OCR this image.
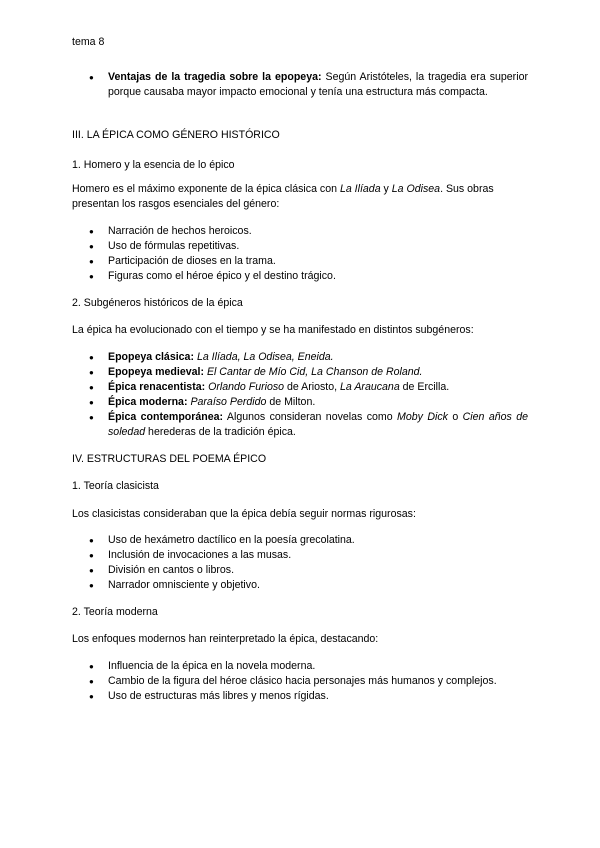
tema 8
● Ventajas de la tragedia sobre la epopeya: Según Aristóteles, la tragedia era superior porque causaba mayor impacto emocional y tenía una estructura más compacta.
III. LA ÉPICA COMO GÉNERO HISTÓRICO
1. Homero y la esencia de lo épico
Homero es el máximo exponente de la épica clásica con La Ilíada y La Odisea. Sus obras presentan los rasgos esenciales del género:
● Narración de hechos heroicos.
● Uso de fórmulas repetitivas.
● Participación de dioses en la trama.
● Figuras como el héroe épico y el destino trágico.
2. Subgéneros históricos de la épica
La épica ha evolucionado con el tiempo y se ha manifestado en distintos subgéneros:
● Epopeya clásica: La Ilíada, La Odisea, Eneida.
● Epopeya medieval: El Cantar de Mío Cid, La Chanson de Roland.
● Épica renacentista: Orlando Furioso de Ariosto, La Araucana de Ercilla.
● Épica moderna: Paraíso Perdido de Milton.
● Épica contemporánea: Algunos consideran novelas como Moby Dick o Cien años de soledad herederas de la tradición épica.
IV. ESTRUCTURAS DEL POEMA ÉPICO
1. Teoría clasicista
Los clasicistas consideraban que la épica debía seguir normas rigurosas:
● Uso de hexámetro dactílico en la poesía grecolatina.
● Inclusión de invocaciones a las musas.
● División en cantos o libros.
● Narrador omnisciente y objetivo.
2. Teoría moderna
Los enfoques modernos han reinterpretado la épica, destacando:
● Influencia de la épica en la novela moderna.
● Cambio de la figura del héroe clásico hacia personajes más humanos y complejos.
● Uso de estructuras más libres y menos rígidas.
